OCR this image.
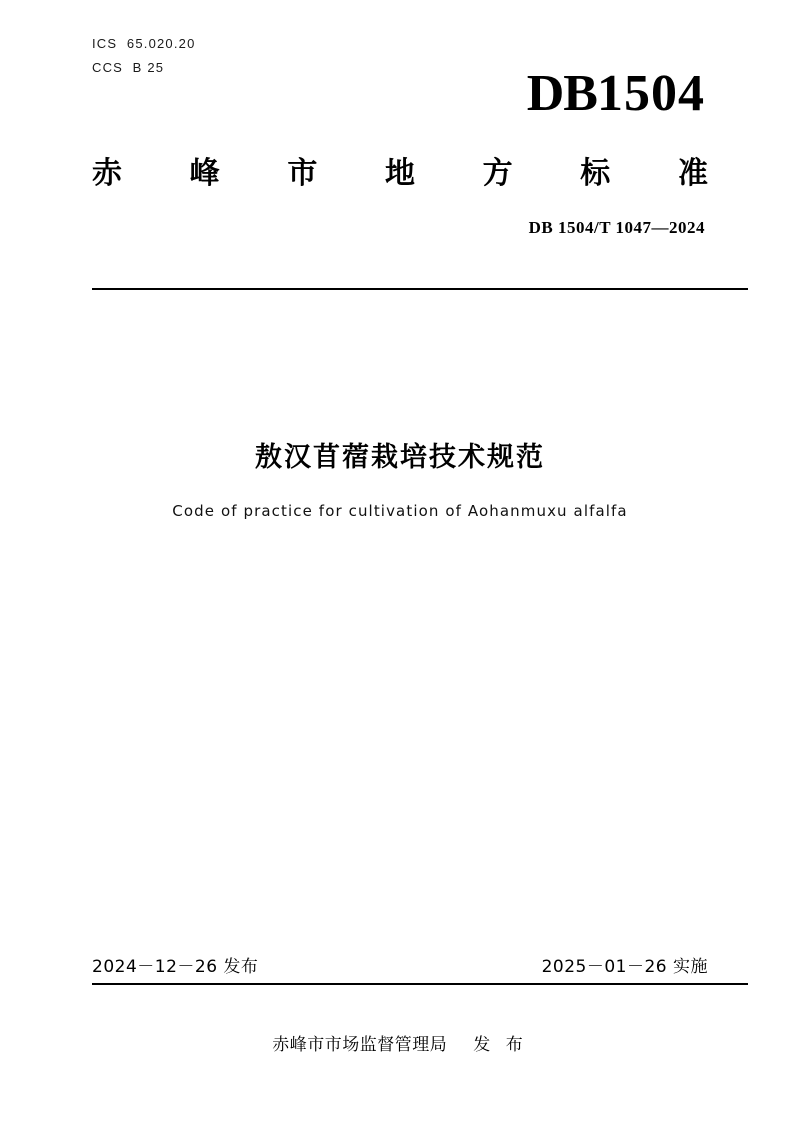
ICS  65.020.20
CCS  B 25	DB1504
赤 峰 市 地 方 标 准
DB 1504/T 1047—2024
敖汉苜蓿栽培技术规范
Code of practice for cultivation of Aohanmuxu alfalfa
2024－12－26 发布	2025－01－26 实施
赤峰市市场监督管理局 发 布
